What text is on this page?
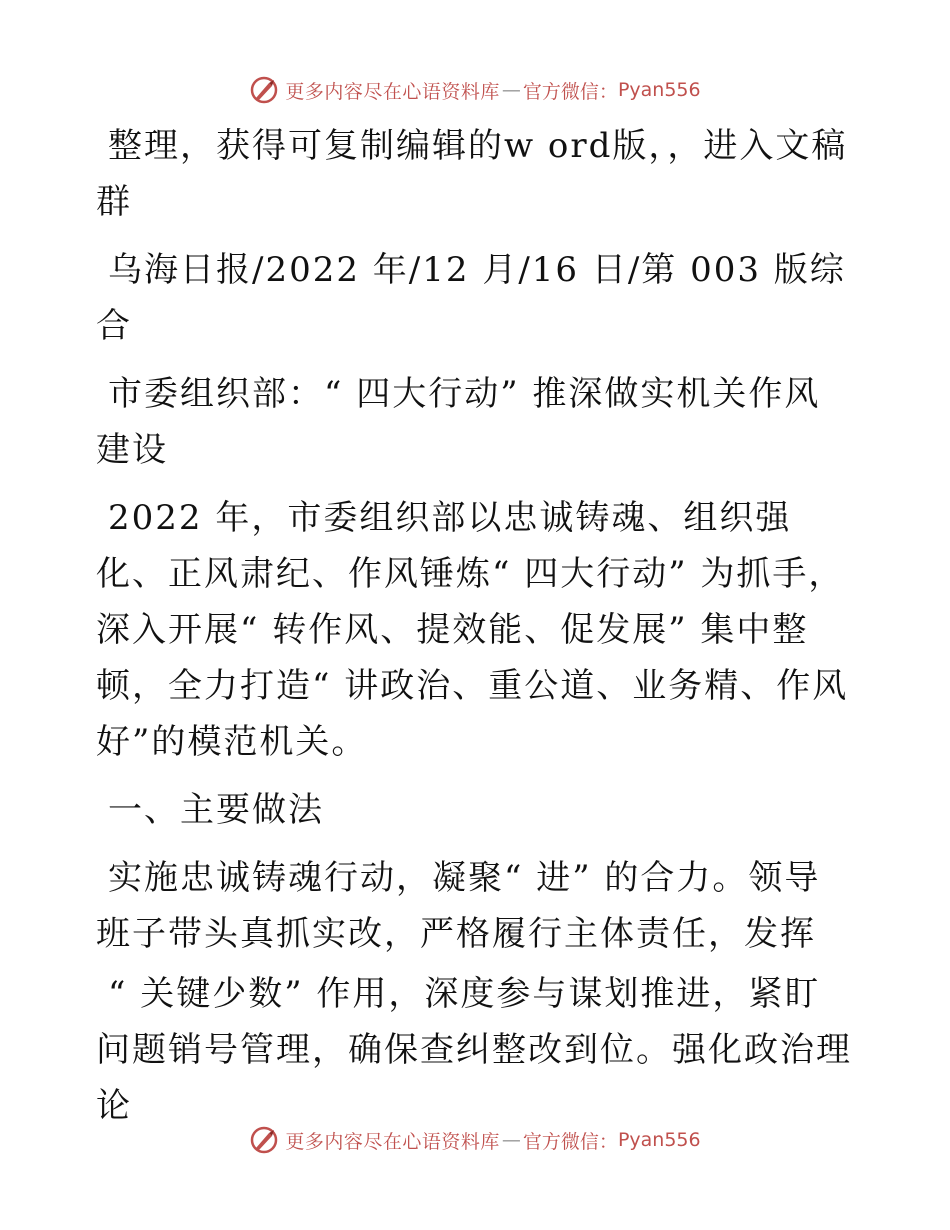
更多内容尽在心语资料库 — 官方微信： Pyan556

整理，获得可复制编辑的w ord版，，进入文稿群

乌海日报/2022 年/12 月/16 日/第 003 版综合

市委组织部：“ 四大行动” 推深做实机关作风建设

2022 年，市委组织部以忠诚铸魂、组织强化、正风肃纪、作风锤炼“ 四大行动” 为抓手，深入开展“ 转作风、提效能、促发展” 集中整顿，全力打造“ 讲政治、重公道、业务精、作风好”的模范机关。

一、主要做法

实施忠诚铸魂行动，凝聚“ 进” 的合力。领导班子带头真抓实改，严格履行主体责任，发挥

“ 关键少数” 作用，深度参与谋划推进，紧盯问题销号管理，确保查纠整改到位。强化政治理论

更多内容尽在心语资料库 — 官方微信： Pyan556
